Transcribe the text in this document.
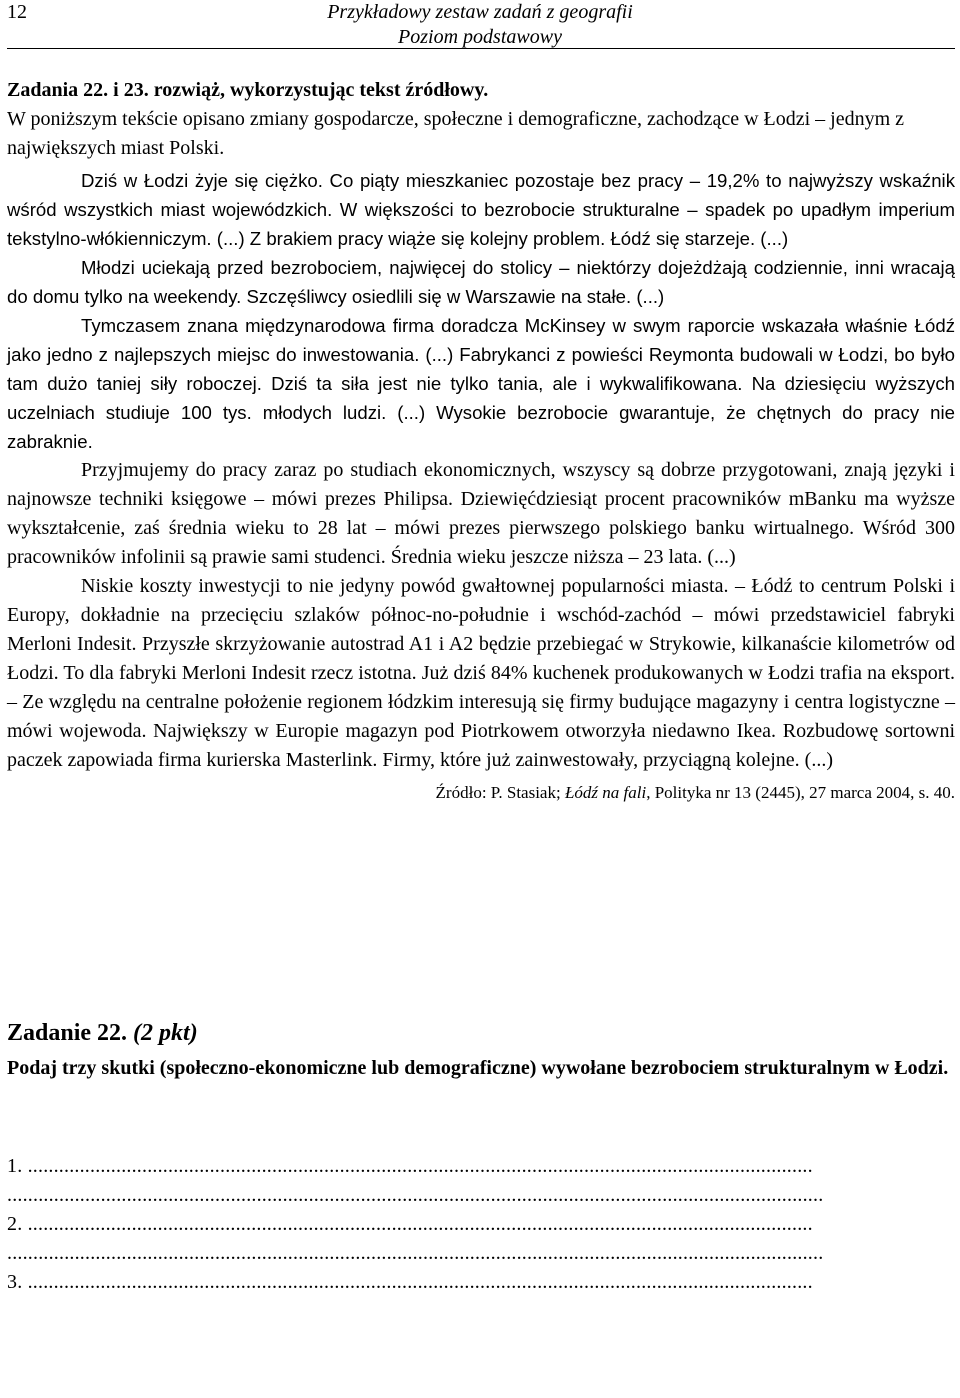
12	Przykładowy zestaw zadań z geografii
Poziom podstawowy

Zadania 22. i 23. rozwiąż, wykorzystując tekst źródłowy.

W poniższym tekście opisano zmiany gospodarcze, społeczne i demograficzne, zachodzące w Łodzi – jednym z największych miast Polski.

Dziś w Łodzi żyje się ciężko. Co piąty mieszkaniec pozostaje bez pracy – 19,2% to najwyższy wskaźnik wśród wszystkich miast wojewódzkich. W większości to bezrobocie strukturalne – spadek po upadłym imperium tekstylno-włókienniczym. (...) Z brakiem pracy wiąże się kolejny problem. Łódź się starzeje. (...)

Młodzi uciekają przed bezrobociem, najwięcej do stolicy – niektórzy dojeżdżają codziennie, inni wracają do domu tylko na weekendy. Szczęśliwcy osiedlili się w Warszawie na stałe. (...)

Tymczasem znana międzynarodowa firma doradcza McKinsey w swym raporcie wskazała właśnie Łódź jako jedno z najlepszych miejsc do inwestowania. (...) Fabrykanci z powieści Reymonta budowali w Łodzi, bo było tam dużo taniej siły roboczej. Dziś ta siła jest nie tylko tania, ale i wykwalifikowana. Na dziesięciu wyższych uczelniach studiuje 100 tys. młodych ludzi. (...) Wysokie bezrobocie gwarantuje, że chętnych do pracy nie zabraknie.

Przyjmujemy do pracy zaraz po studiach ekonomicznych, wszyscy są dobrze przygotowani, znają języki i najnowsze techniki księgowe – mówi prezes Philipsa. Dziewięćdziesiąt procent pracowników mBanku ma wyższe wykształcenie, zaś średnia wieku to 28 lat – mówi prezes pierwszego polskiego banku wirtualnego. Wśród 300 pracowników infolinii są prawie sami studenci. Średnia wieku jeszcze niższa – 23 lata. (...)

Niskie koszty inwestycji to nie jedyny powód gwałtownej popularności miasta. – Łódź to centrum Polski i Europy, dokładnie na przecięciu szlaków północ-no-południe i wschód-zachód – mówi przedstawiciel fabryki Merloni Indesit. Przyszłe skrzyżowanie autostrad A1 i A2 będzie przebiegać w Strykowie, kilkanaście kilometrów od Łodzi. To dla fabryki Merloni Indesit rzecz istotna. Już dziś 84% kuchenek produkowanych w Łodzi trafia na eksport. – Ze względu na centralne położenie regionem łódzkim interesują się firmy budujące magazyny i centra logistyczne – mówi wojewoda. Największy w Europie magazyn pod Piotrkowem otworzyła niedawno Ikea. Rozbudowę sortowni paczek zapowiada firma kurierska Masterlink. Firmy, które już zainwestowały, przyciągną kolejne. (...)

Źródło: P. Stasiak; Łódź na fali, Polityka nr 13 (2445), 27 marca 2004, s. 40.

Zadanie 22. (2 pkt)

Podaj trzy skutki (społeczno-ekonomiczne lub demograficzne) wywołane bezrobociem strukturalnym w Łodzi.

1. .......................................................................................................................................................
.............................................................................................................................................................
2. .......................................................................................................................................................
.............................................................................................................................................................
3. .......................................................................................................................................................
